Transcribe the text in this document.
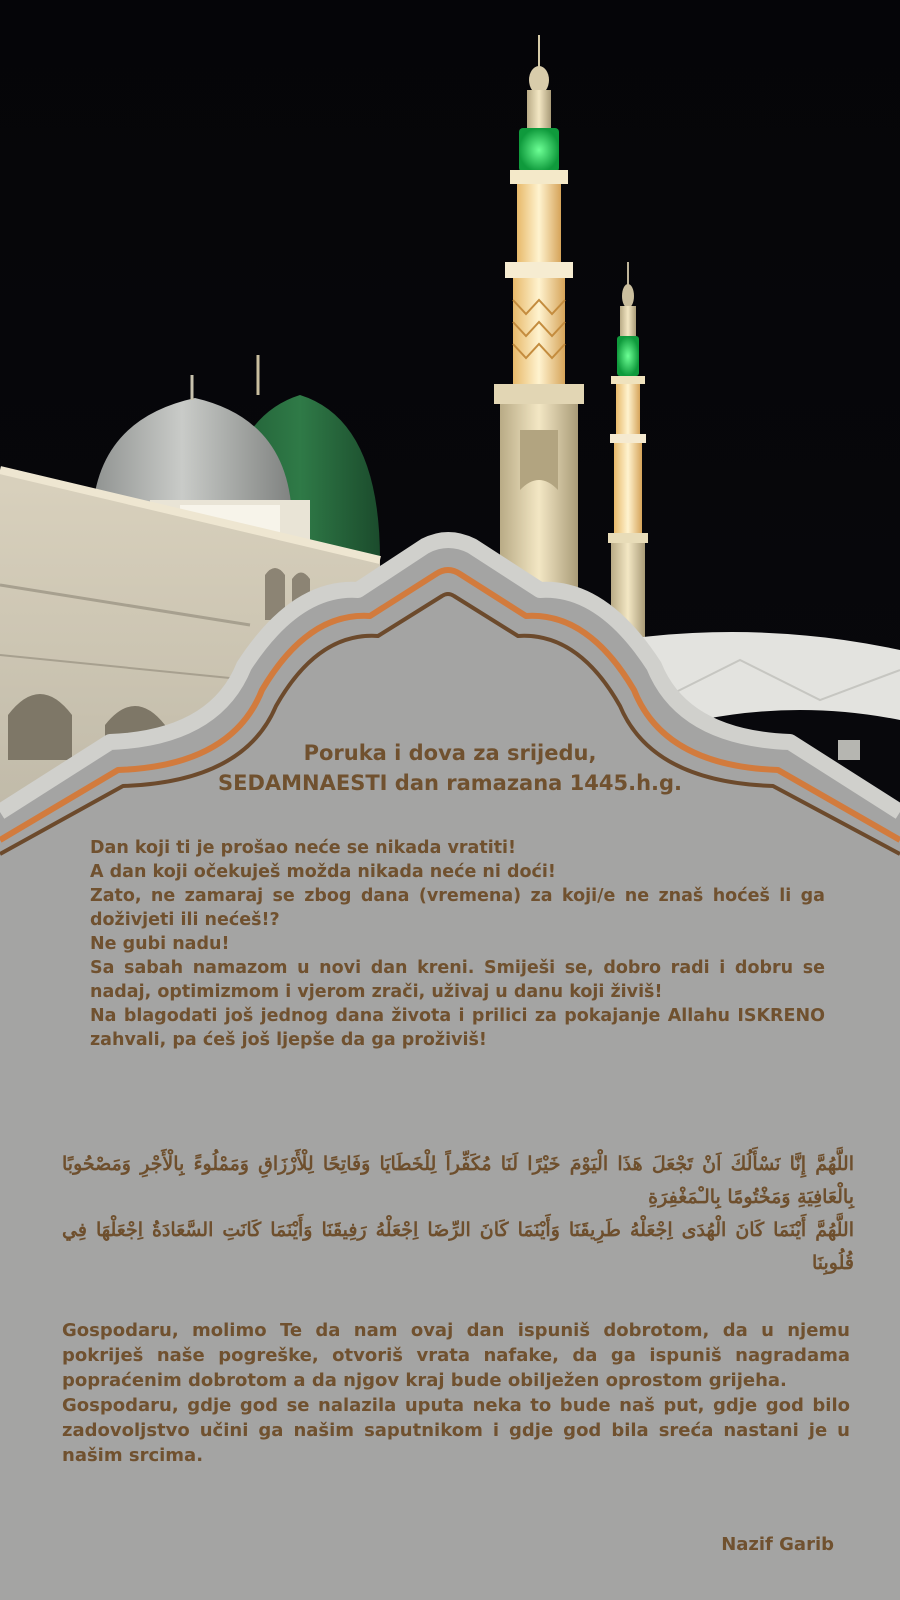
Poruka i dova za srijedu,
SEDAMNAESTI dan ramazana 1445.h.g.

Dan koji ti je prošao neće se nikada vratiti!

A dan koji očekuješ možda nikada neće ni doći!

Zato, ne zamaraj se zbog dana (vremena) za koji/e ne znaš hoćeš li ga doživjeti ili nećeš!?

Ne gubi nadu!

Sa sabah namazom u novi dan kreni. Smiješi se, dobro radi i dobru se nadaj, optimizmom i vjerom zrači, uživaj u danu koji živiš!

Na blagodati još jednog dana života i prilici za pokajanje Allahu ISKRENO zahvali, pa ćeš još ljepše da ga proživiš!

اللَّهُمَّ إِنَّا نَسْأَلُكَ اَنْ تَجْعَلَ هَذَا الْيَوْمَ خَيْرًا لَنَا مُكَفِّراً لِلْخَطَايَا وَفَاتِحًا لِلْأَرْزَاقِ وَمَمْلُوءً بِالْأَجْرِ وَمَصْحُوبًا بِالْعَافِيَةِ وَمَخْتُومًا بِالـْمَغْفِرَةِ

اللَّهُمَّ أَيْنَمَا كَانَ الْهُدَى اِجْعَلْهُ طَرِيقَنَا وَأَيْنَمَا كَانَ الرِّضَا اِجْعَلْهُ رَفِيقَنَا وَأَيْنَمَا كَانَتِ السَّعَادَةُ اِجْعَلْهَا فِي قُلُوبِنَا

Gospodaru, molimo Te da nam ovaj dan ispuniš dobrotom, da u njemu pokriješ naše pogreške, otvoriš vrata nafake, da ga ispuniš nagradama popraćenim dobrotom a da njgov kraj bude obilježen oprostom grijeha.

Gospodaru, gdje god se nalazila uputa neka to bude naš put, gdje god bilo zadovoljstvo učini ga našim saputnikom i gdje god bila sreća nastani je u našim srcima.

Nazif Garib
